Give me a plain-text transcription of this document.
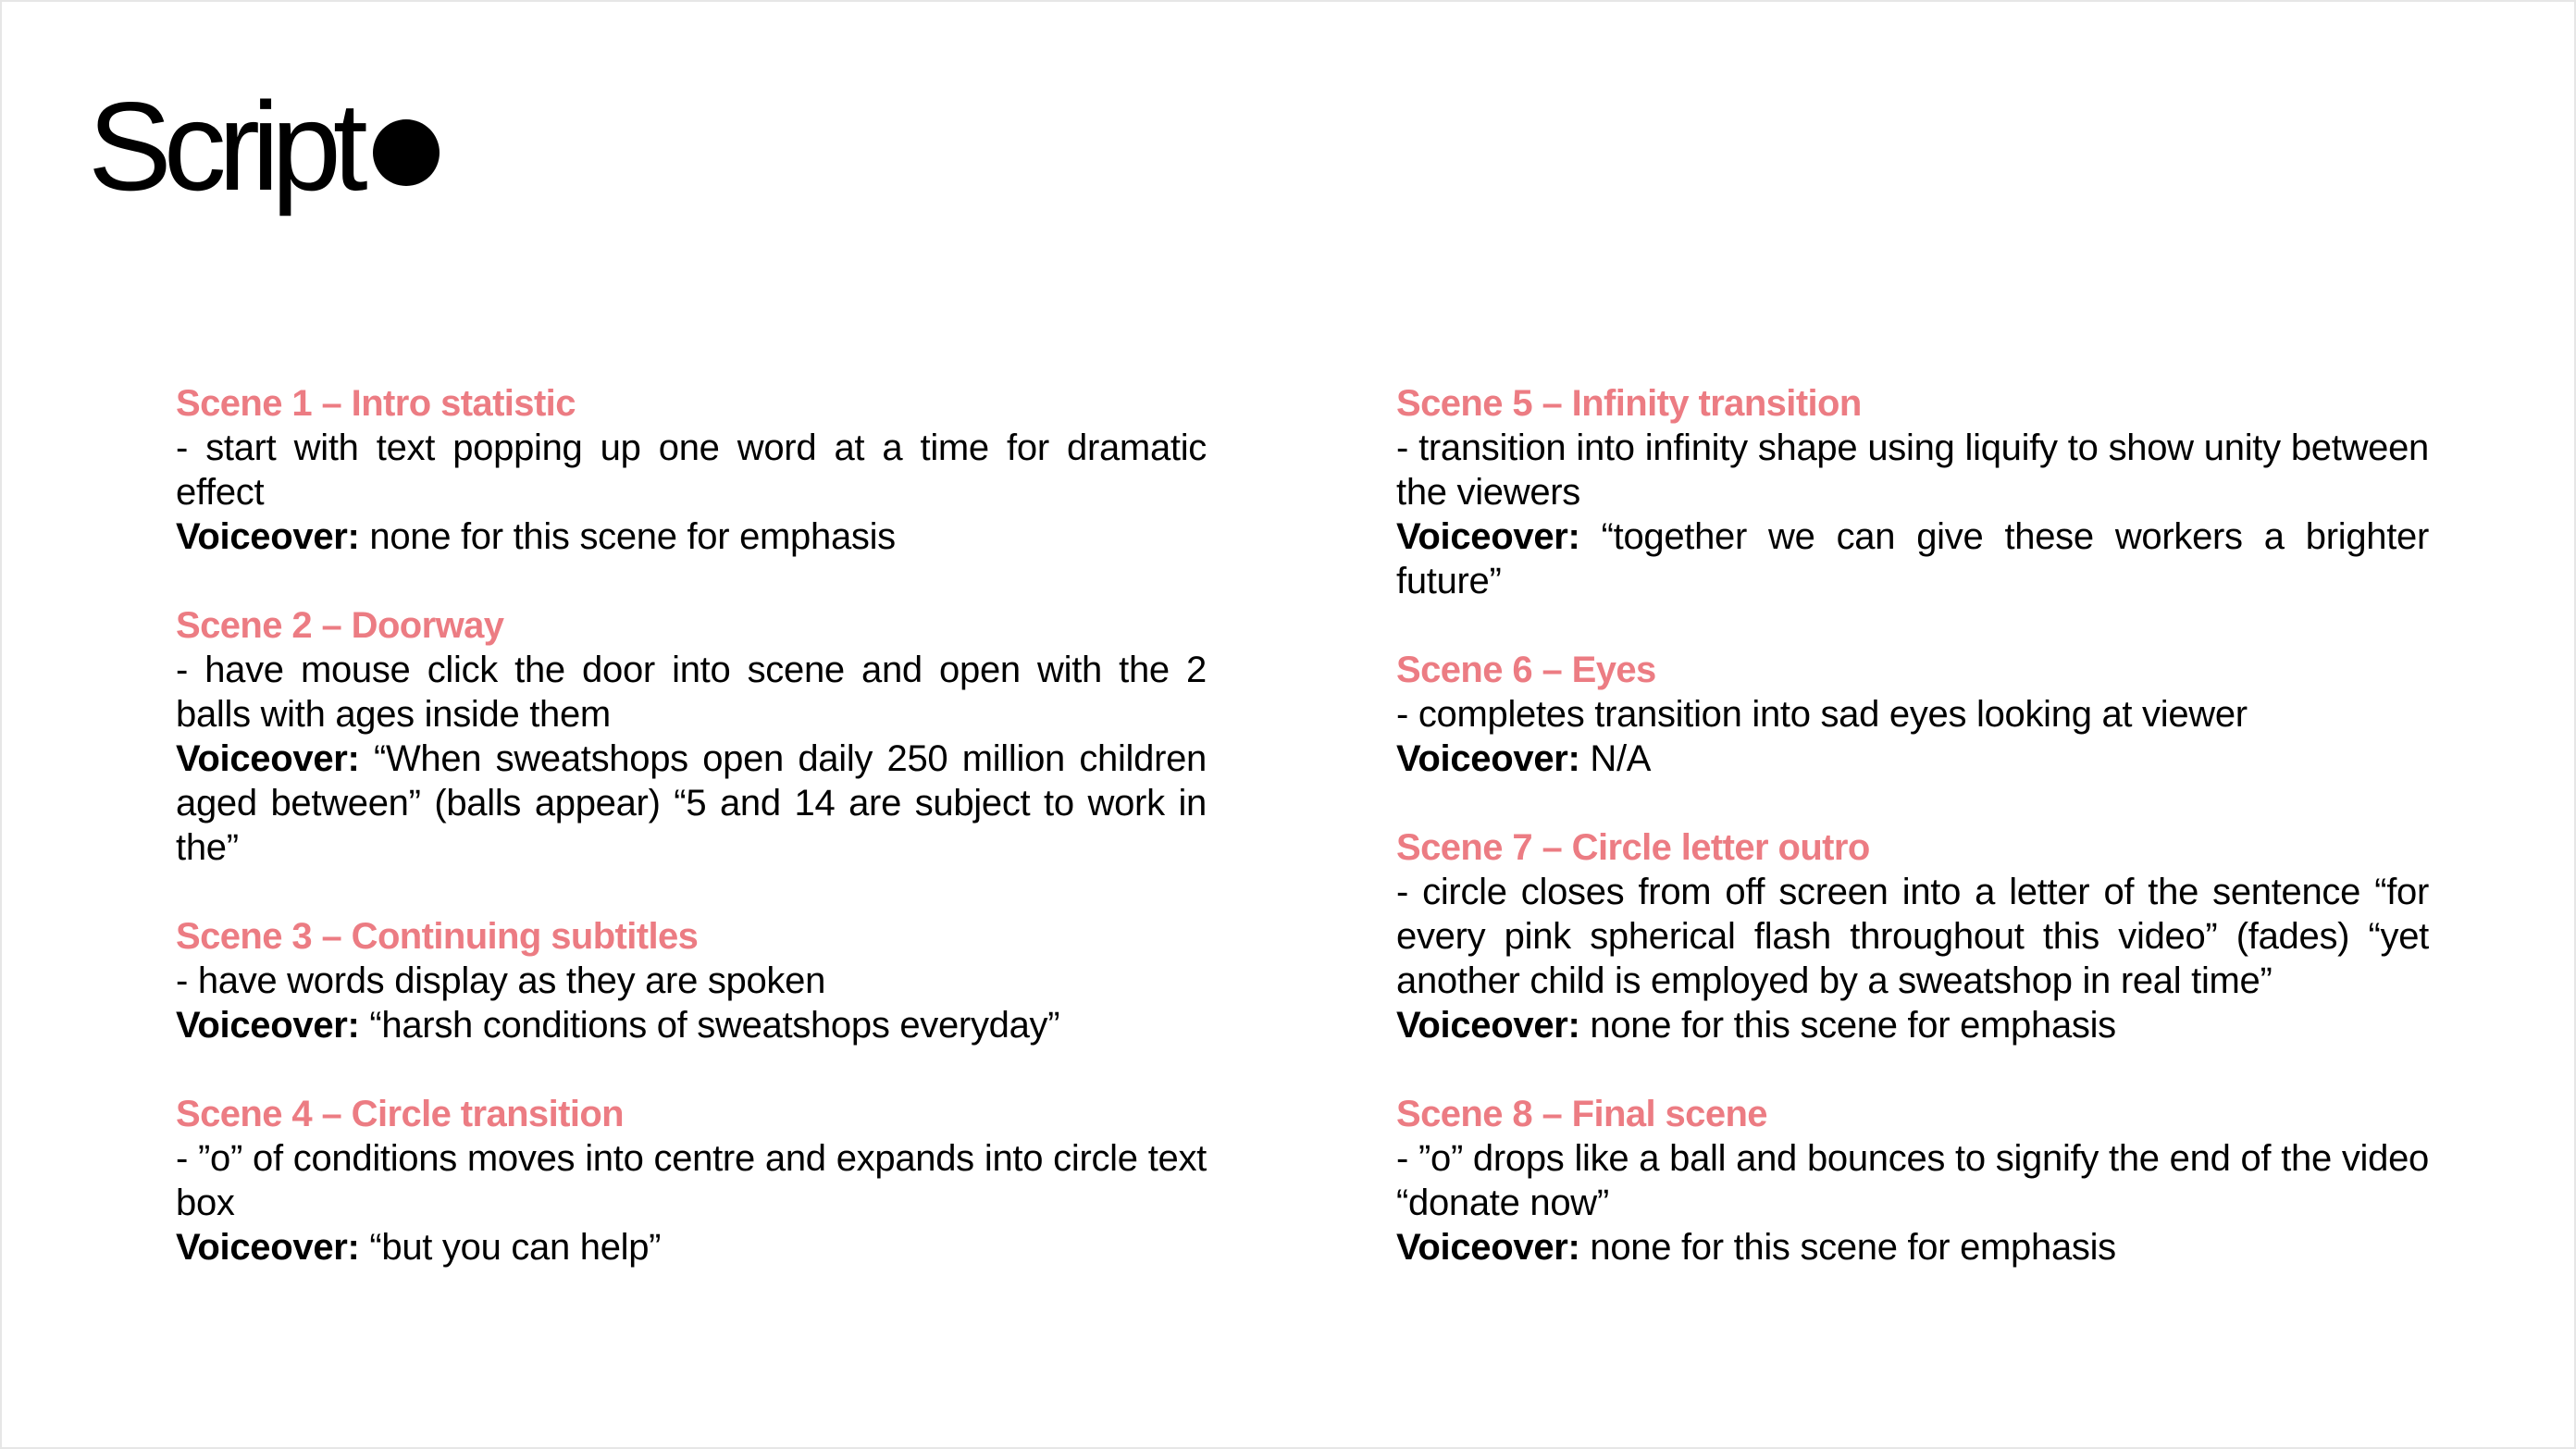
Script
Scene 1 – Intro statistic
- start with text popping up one word at a time for dramatic effect
Voiceover: none for this scene for emphasis
Scene 2 – Doorway
- have mouse click the door into scene and open with the 2 balls with ages inside them
Voiceover: “When sweatshops open daily 250 million children aged between” (balls appear) “5 and 14 are subject to work in the”
Scene 3 – Continuing subtitles
- have words display as they are spoken
Voiceover: “harsh conditions of sweatshops everyday”
Scene 4 – Circle transition
- ”o” of conditions moves into centre and expands into circle text box
Voiceover: “but you can help”
Scene 5 – Infinity transition
- transition into infinity shape using liquify to show unity between the viewers
Voiceover: “together we can give these workers a brighter future”
Scene 6 – Eyes
- completes transition into sad eyes looking at viewer
Voiceover: N/A
Scene 7 – Circle letter outro
- circle closes from off screen into a letter of the sentence “for every pink spherical flash throughout this video” (fades) “yet another child is employed by a sweatshop in real time”
Voiceover: none for this scene for emphasis
Scene 8 – Final scene
- ”o” drops like a ball and bounces to signify the end of the video “donate now”
Voiceover: none for this scene for emphasis
